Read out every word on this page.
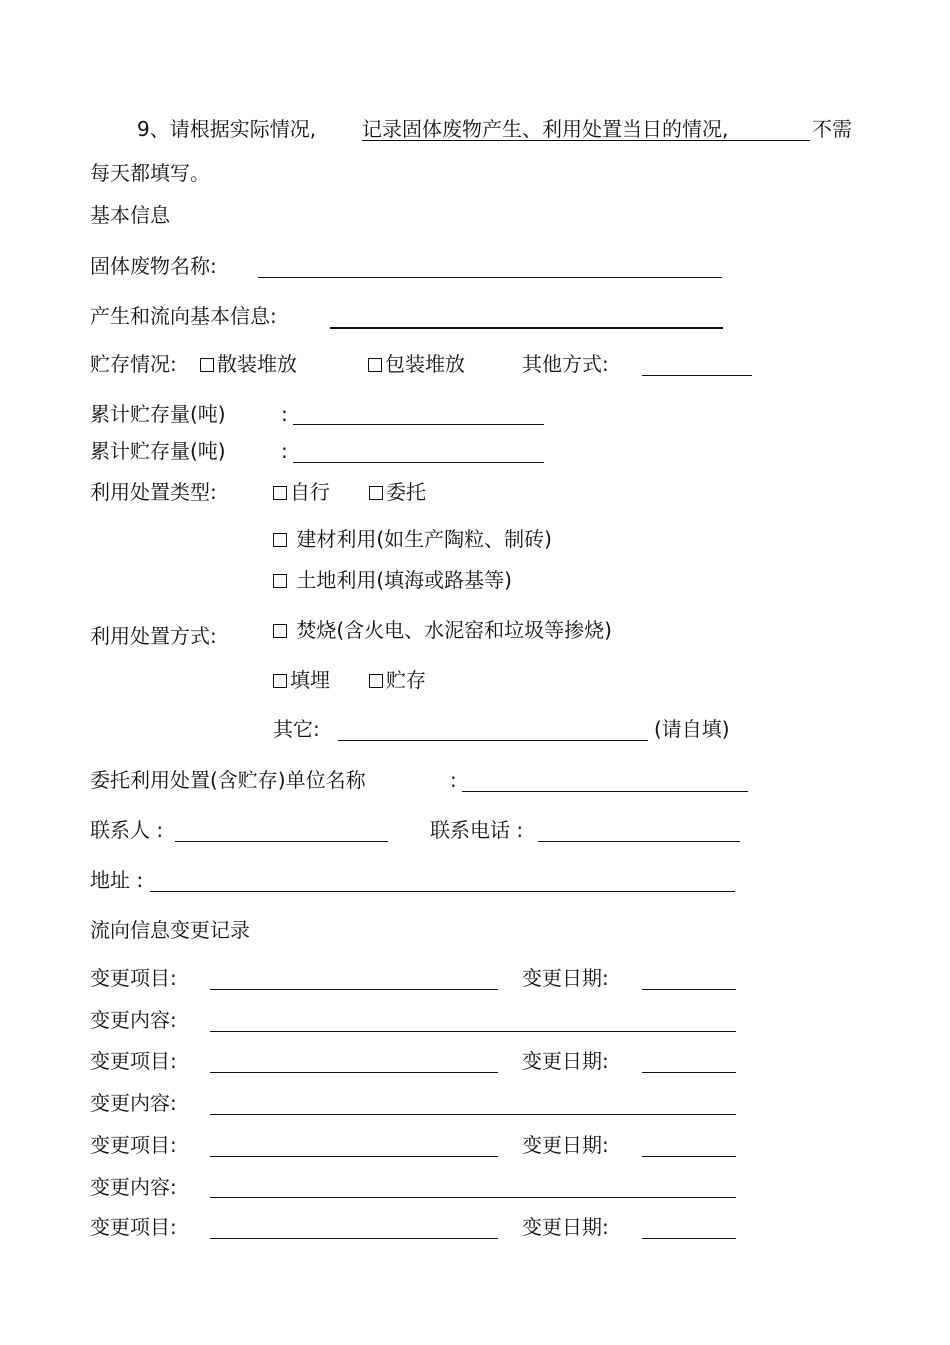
9、请根据实际情况, 记录固体废物产生、利用处置当日的情况,	不需
每天都填写。
基本信息
固体废物名称:
产生和流向基本信息:
贮存情况:	散装堆放	包装堆放	其他方式:
累计贮存量(吨)	:
累计贮存量(吨)	:
利用处置类型:	自行	委托
建材利用(如生产陶粒、制砖)
土地利用(填海或路基等)
利用处置方式:	焚烧(含火电、水泥窑和垃圾等掺烧)
填埋	贮存
其它:	(请自填)
委托利用处置(含贮存)单位名称	:
联系人 :	联系电话 :
地址 :
流向信息变更记录
变更项目:	变更日期:
变更内容:
变更项目:	变更日期:
变更内容:
变更项目:	变更日期:
变更内容:
变更项目:	变更日期:
